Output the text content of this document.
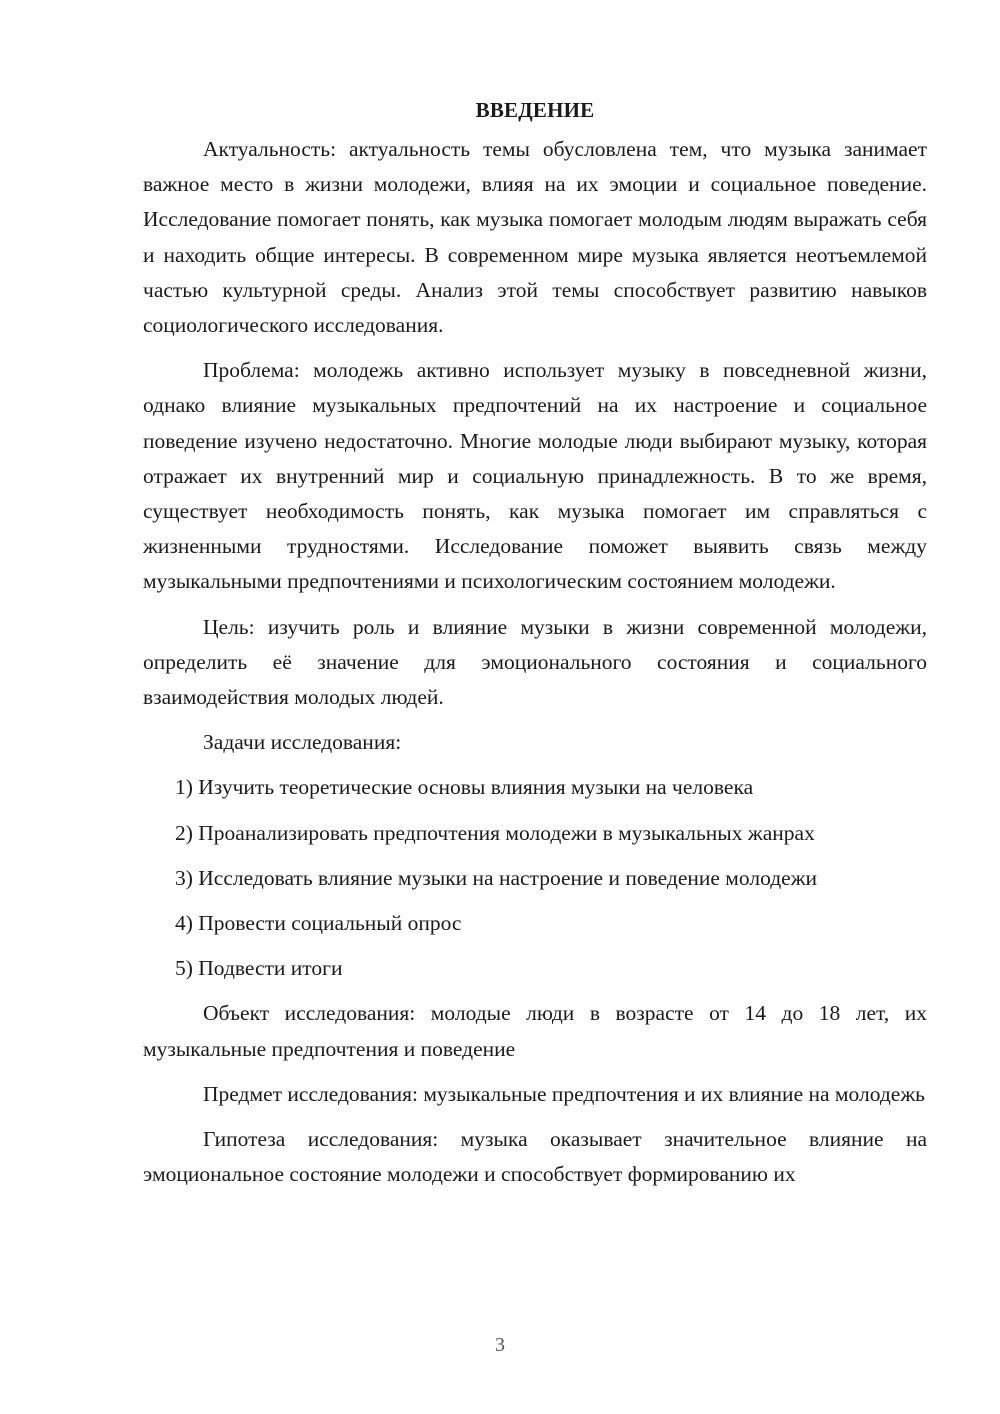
ВВЕДЕНИЕ

Актуальность: актуальность темы обусловлена тем, что музыка занимает важное место в жизни молодежи, влияя на их эмоции и социальное поведение. Исследование помогает понять, как музыка помогает молодым людям выражать себя и находить общие интересы. В современном мире музыка является неотъемлемой частью культурной среды. Анализ этой темы способствует развитию навыков социологического исследования.

Проблема: молодежь активно использует музыку в повседневной жизни, однако влияние музыкальных предпочтений на их настроение и социальное поведение изучено недостаточно. Многие молодые люди выбирают музыку, которая отражает их внутренний мир и социальную принадлежность. В то же время, существует необходимость понять, как музыка помогает им справляться с жизненными трудностями. Исследование поможет выявить связь между музыкальными предпочтениями и психологическим состоянием молодежи.

Цель: изучить роль и влияние музыки в жизни современной молодежи, определить её значение для эмоционального состояния и социального взаимодействия молодых людей.

Задачи исследования:

1) Изучить теоретические основы влияния музыки на человека
2) Проанализировать предпочтения молодежи в музыкальных жанрах
3) Исследовать влияние музыки на настроение и поведение молодежи
4) Провести социальный опрос
5) Подвести итоги

Объект исследования: молодые люди в возрасте от 14 до 18 лет, их музыкальные предпочтения и поведение

Предмет исследования: музыкальные предпочтения и их влияние на молодежь

Гипотеза исследования: музыка оказывает значительное влияние на эмоциональное состояние молодежи и способствует формированию их

3
